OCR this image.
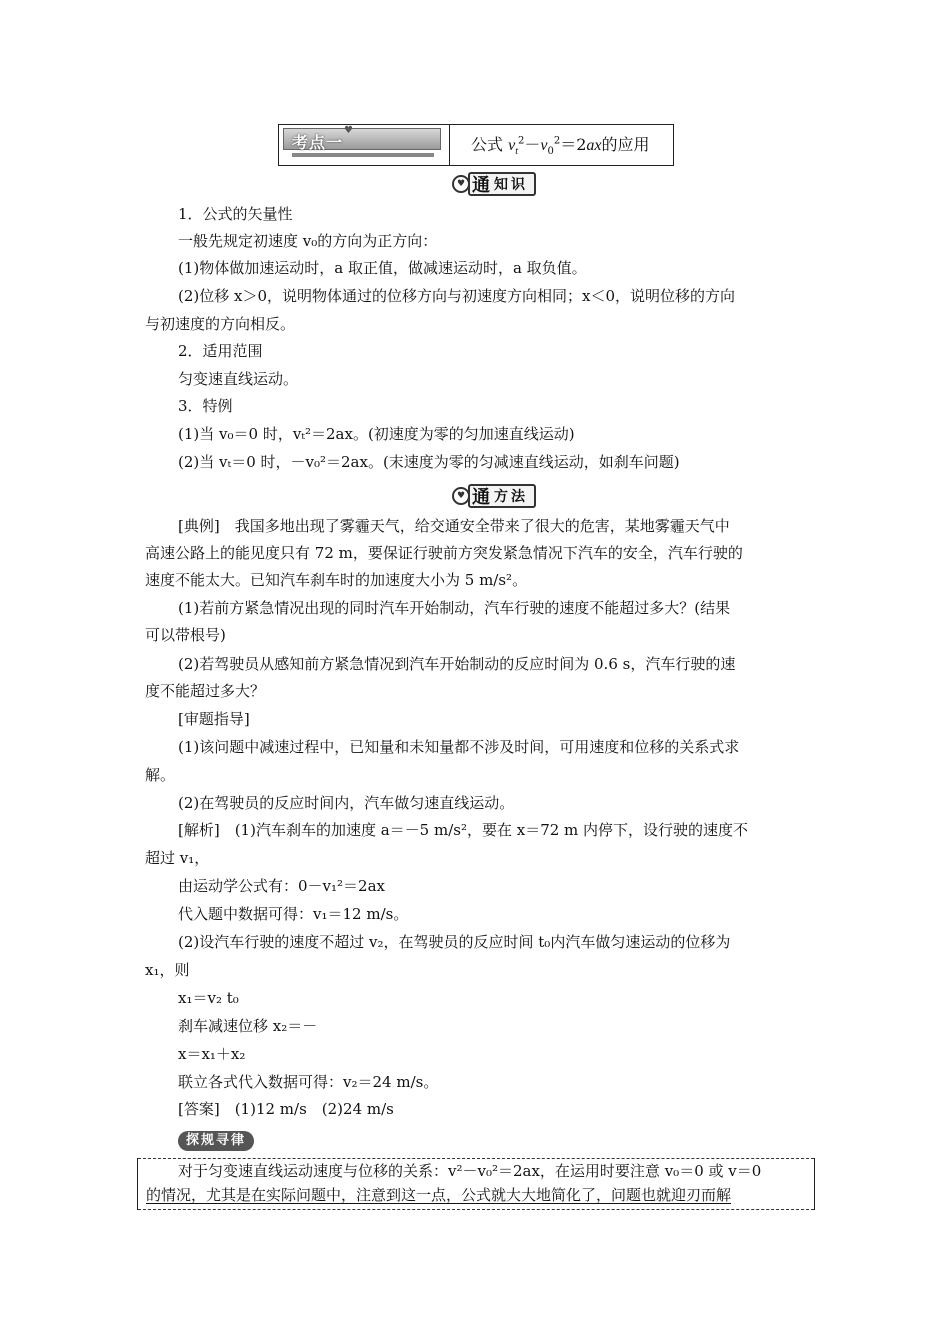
考点一
♥
公式 $v_t^2-v_0^2=2ax$的应用
♥ 通 知识
1．公式的矢量性
一般先规定初速度 v₀的方向为正方向：
(1)物体做加速运动时，a 取正值，做减速运动时，a 取负值。
(2)位移 x＞0，说明物体通过的位移方向与初速度方向相同；x＜0，说明位移的方向
与初速度的方向相反。
2．适用范围
匀变速直线运动。
3．特例
(1)当 v₀＝0 时，vₜ²＝2ax。(初速度为零的匀加速直线运动)
(2)当 vₜ＝0 时，－v₀²＝2ax。(末速度为零的匀减速直线运动，如刹车问题)
♥ 通 方法
[典例]　我国多地出现了雾霾天气，给交通安全带来了很大的危害，某地雾霾天气中
高速公路上的能见度只有 72 m，要保证行驶前方突发紧急情况下汽车的安全，汽车行驶的
速度不能太大。已知汽车刹车时的加速度大小为 5 m/s²。
(1)若前方紧急情况出现的同时汽车开始制动，汽车行驶的速度不能超过多大？(结果
可以带根号)
(2)若驾驶员从感知前方紧急情况到汽车开始制动的反应时间为 0.6 s，汽车行驶的速
度不能超过多大？
[审题指导]
(1)该问题中减速过程中，已知量和未知量都不涉及时间，可用速度和位移的关系式求
解。
(2)在驾驶员的反应时间内，汽车做匀速直线运动。
[解析]　(1)汽车刹车的加速度 a＝－5 m/s²，要在 x＝72 m 内停下，设行驶的速度不
超过 v₁，
由运动学公式有：0－v₁²＝2ax
代入题中数据可得：v₁＝12 m/s。
(2)设汽车行驶的速度不超过 v₂，在驾驶员的反应时间 t₀内汽车做匀速运动的位移为
x₁，则
x₁＝v₂ t₀
刹车减速位移 x₂＝－
x＝x₁＋x₂
联立各式代入数据可得：v₂＝24 m/s。
[答案]　(1)12 m/s　(2)24 m/s
探规寻律
对于匀变速直线运动速度与位移的关系：v²－v₀²＝2ax，在运用时要注意 v₀＝0 或 v＝0
的情况，尤其是在实际问题中，注意到这一点，公式就大大地简化了，问题也就迎刃而解
